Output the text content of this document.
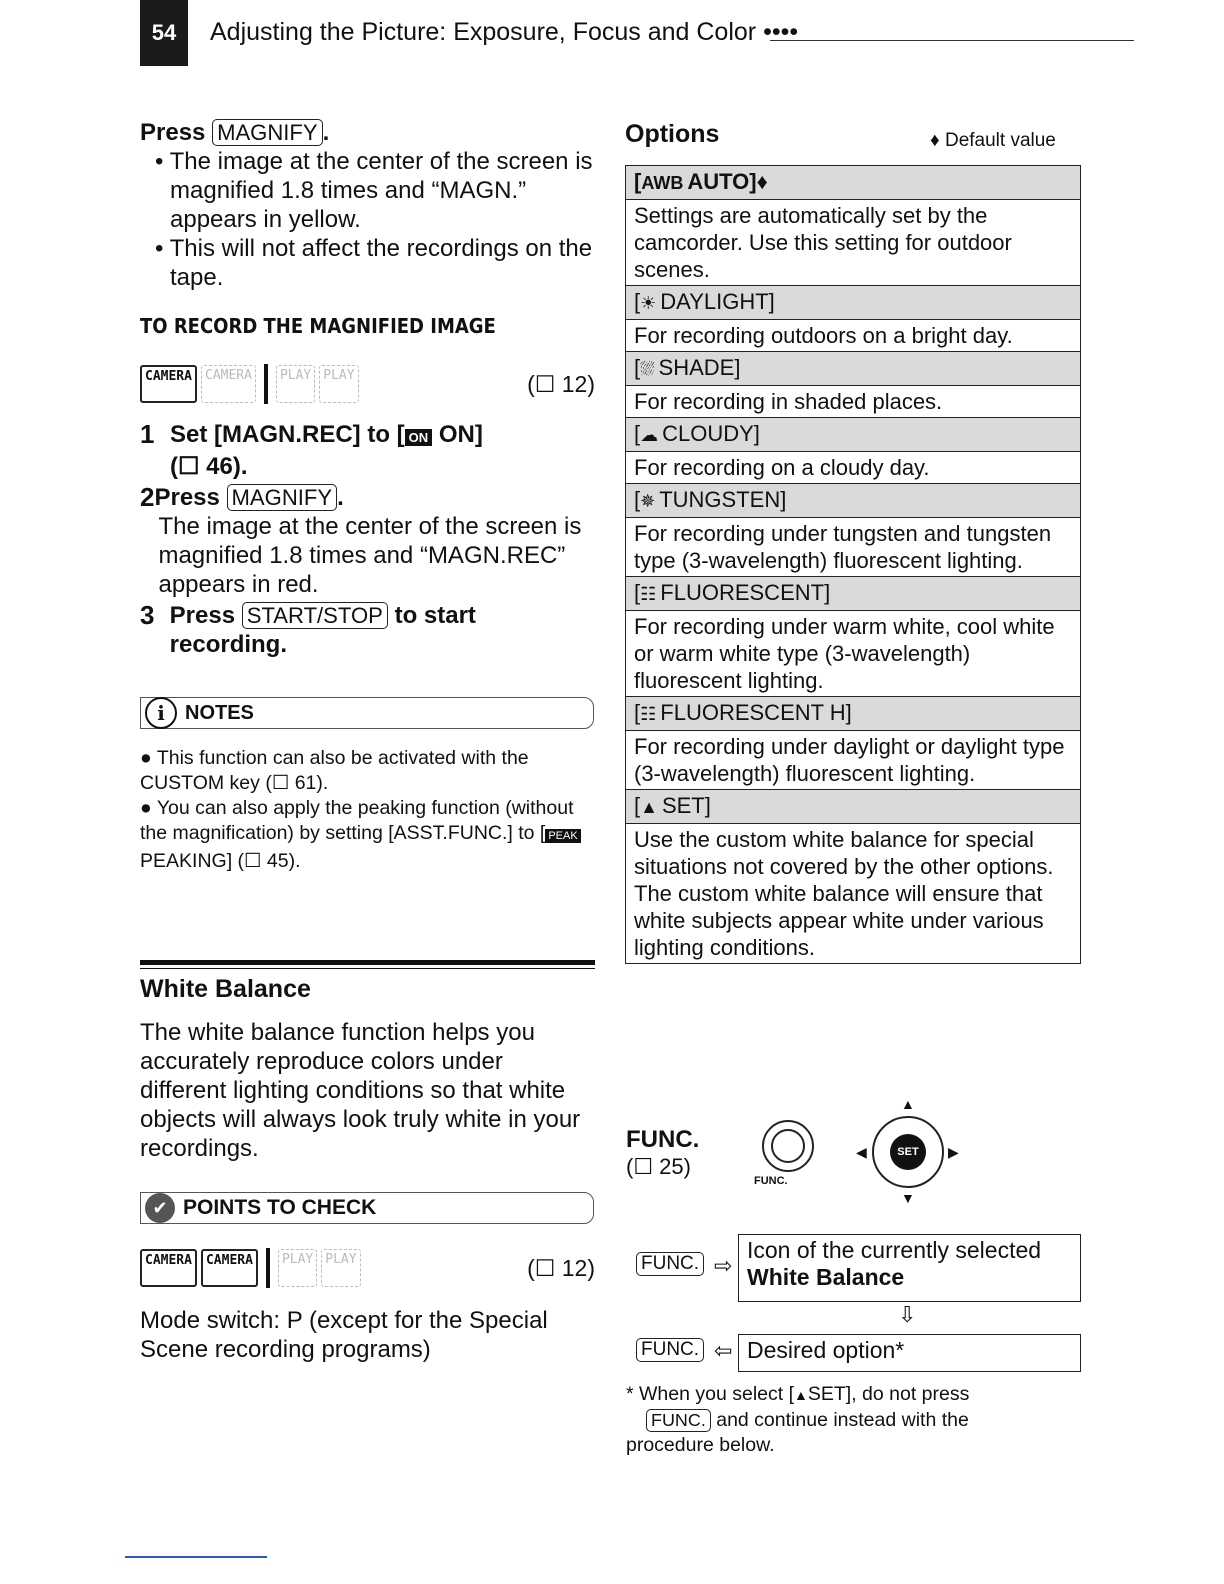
54	Adjusting the Picture: Exposure, Focus and Color ••••
Press MAGNIFY .
• The image at the center of the screen is magnified 1.8 times and “MAGN.” appears in yellow.
• This will not affect the recordings on the tape.
TO RECORD THE MAGNIFIED IMAGE
CAMERA	CAMERA	PLAY PLAY	(☐ 12)
1 Set [MAGN.REC] to [ ON ON]
(☐ 46).
2 Press MAGNIFY .
The image at the center of the screen is magnified 1.8 times and “MAGN.REC” appears in red.
3 Press START/STOP to start recording.
i	NOTES
● This function can also be activated with the CUSTOM key (☐ 61).
● You can also apply the peaking function (without the magnification) by setting [ASST.FUNC.] to [ PEAK PEAKING] (☐ 45).
White Balance
The white balance function helps you accurately reproduce colors under different lighting conditions so that white objects will always look truly white in your recordings.
✔ POINTS TO CHECK
CAMERA	CAMERA	PLAY PLAY	(☐ 12)
Mode switch: P (except for the Special Scene recording programs)
Options	♦ Default value
[AWB AUTO]♦
Settings are automatically set by the camcorder. Use this setting for outdoor scenes.
[☀ DAYLIGHT]
For recording outdoors on a bright day.
[⛆ SHADE]
For recording in shaded places.
[☁ CLOUDY]
For recording on a cloudy day.
[✵ TUNGSTEN]
For recording under tungsten and tungsten type (3-wavelength) fluorescent lighting.
[☷ FLUORESCENT]
For recording under warm white, cool white or warm white type (3-wavelength) fluorescent lighting.
[☷ FLUORESCENT H]
For recording under daylight or daylight type (3-wavelength) fluorescent lighting.
[▲ SET]
Use the custom white balance for special situations not covered by the other options. The custom white balance will ensure that white subjects appear white under various lighting conditions.
FUNC.
(☐ 25)
FUNC.
SET
▲
▼
◀	▶
FUNC. ⇨
Icon of the currently selected
White Balance
⇩
FUNC. ⇦ Desired option*
* When you select [▲SET], do not press
FUNC. and continue instead with the procedure below.
